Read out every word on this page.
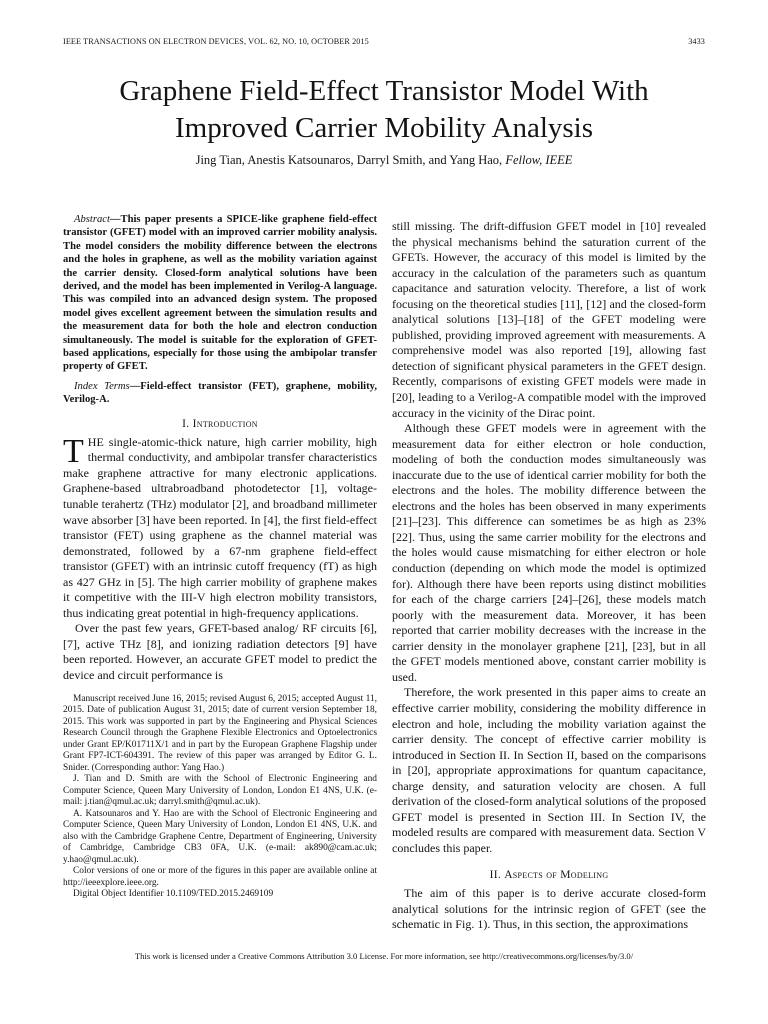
IEEE TRANSACTIONS ON ELECTRON DEVICES, VOL. 62, NO. 10, OCTOBER 2015	3433
Graphene Field-Effect Transistor Model With
Improved Carrier Mobility Analysis
Jing Tian, Anestis Katsounaros, Darryl Smith, and Yang Hao, Fellow, IEEE

Abstract—This paper presents a SPICE-like graphene field-effect transistor (GFET) model with an improved carrier mobility analysis. The model considers the mobility difference between the electrons and the holes in graphene, as well as the mobility variation against the carrier density. Closed-form analytical solutions have been derived, and the model has been implemented in Verilog-A language. This was compiled into an advanced design system. The proposed model gives excellent agreement between the simulation results and the measurement data for both the hole and electron conduction simultaneously. The model is suitable for the exploration of GFET-based applications, especially for those using the ambipolar transfer property of GFET.

Index Terms—Field-effect transistor (FET), graphene, mobility, Verilog-A.

I. Introduction

THE single-atomic-thick nature, high carrier mobility, high thermal conductivity, and ambipolar transfer characteristics make graphene attractive for many electronic applications. Graphene-based ultrabroadband photodetector [1], voltage-tunable terahertz (THz) modulator [2], and broadband millimeter wave absorber [3] have been reported. In [4], the first field-effect transistor (FET) using graphene as the channel material was demonstrated, followed by a 67-nm graphene field-effect transistor (GFET) with an intrinsic cutoff frequency (fT) as high as 427 GHz in [5]. The high carrier mobility of graphene makes it competitive with the III-V high electron mobility transistors, thus indicating great potential in high-frequency applications.

Over the past few years, GFET-based analog/ RF circuits [6], [7], active THz [8], and ionizing radiation detectors [9] have been reported. However, an accurate GFET model to predict the device and circuit performance is

Manuscript received June 16, 2015; revised August 6, 2015; accepted August 11, 2015. Date of publication August 31, 2015; date of current version September 18, 2015. This work was supported in part by the Engineering and Physical Sciences Research Council through the Graphene Flexible Electronics and Optoelectronics under Grant EP/K01711X/1 and in part by the European Graphene Flagship under Grant FP7-ICT-604391. The review of this paper was arranged by Editor G. L. Snider. (Corresponding author: Yang Hao.)

J. Tian and D. Smith are with the School of Electronic Engineering and Computer Science, Queen Mary University of London, London E1 4NS, U.K. (e-mail: j.tian@qmul.ac.uk; darryl.smith@qmul.ac.uk).

A. Katsounaros and Y. Hao are with the School of Electronic Engineering and Computer Science, Queen Mary University of London, London E1 4NS, U.K. and also with the Cambridge Graphene Centre, Department of Engineering, University of Cambridge, Cambridge CB3 0FA, U.K. (e-mail: ak890@cam.ac.uk; y.hao@qmul.ac.uk).

Color versions of one or more of the figures in this paper are available online at http://ieeexplore.ieee.org.

Digital Object Identifier 10.1109/TED.2015.2469109

still missing. The drift-diffusion GFET model in [10] revealed the physical mechanisms behind the saturation current of the GFETs. However, the accuracy of this model is limited by the accuracy in the calculation of the parameters such as quantum capacitance and saturation velocity. Therefore, a list of work focusing on the theoretical studies [11], [12] and the closed-form analytical solutions [13]–[18] of the GFET modeling were published, providing improved agreement with measurements. A comprehensive model was also reported [19], allowing fast detection of significant physical parameters in the GFET design. Recently, comparisons of existing GFET models were made in [20], leading to a Verilog-A compatible model with the improved accuracy in the vicinity of the Dirac point.

Although these GFET models were in agreement with the measurement data for either electron or hole conduction, modeling of both the conduction modes simultaneously was inaccurate due to the use of identical carrier mobility for both the electrons and the holes. The mobility difference between the electrons and the holes has been observed in many experiments [21]–[23]. This difference can sometimes be as high as 23% [22]. Thus, using the same carrier mobility for the electrons and the holes would cause mismatching for either electron or hole conduction (depending on which mode the model is optimized for). Although there have been reports using distinct mobilities for each of the charge carriers [24]–[26], these models match poorly with the measurement data. Moreover, it has been reported that carrier mobility decreases with the increase in the carrier density in the monolayer graphene [21], [23], but in all the GFET models mentioned above, constant carrier mobility is used.

Therefore, the work presented in this paper aims to create an effective carrier mobility, considering the mobility difference in electron and hole, including the mobility variation against the carrier density. The concept of effective carrier mobility is introduced in Section II. In Section II, based on the comparisons in [20], appropriate approximations for quantum capacitance, charge density, and saturation velocity are chosen. A full derivation of the closed-form analytical solutions of the proposed GFET model is presented in Section III. In Section IV, the modeled results are compared with measurement data. Section V concludes this paper.

II. Aspects of Modeling

The aim of this paper is to derive accurate closed-form analytical solutions for the intrinsic region of GFET (see the schematic in Fig. 1). Thus, in this section, the approximations

This work is licensed under a Creative Commons Attribution 3.0 License. For more information, see http://creativecommons.org/licenses/by/3.0/
